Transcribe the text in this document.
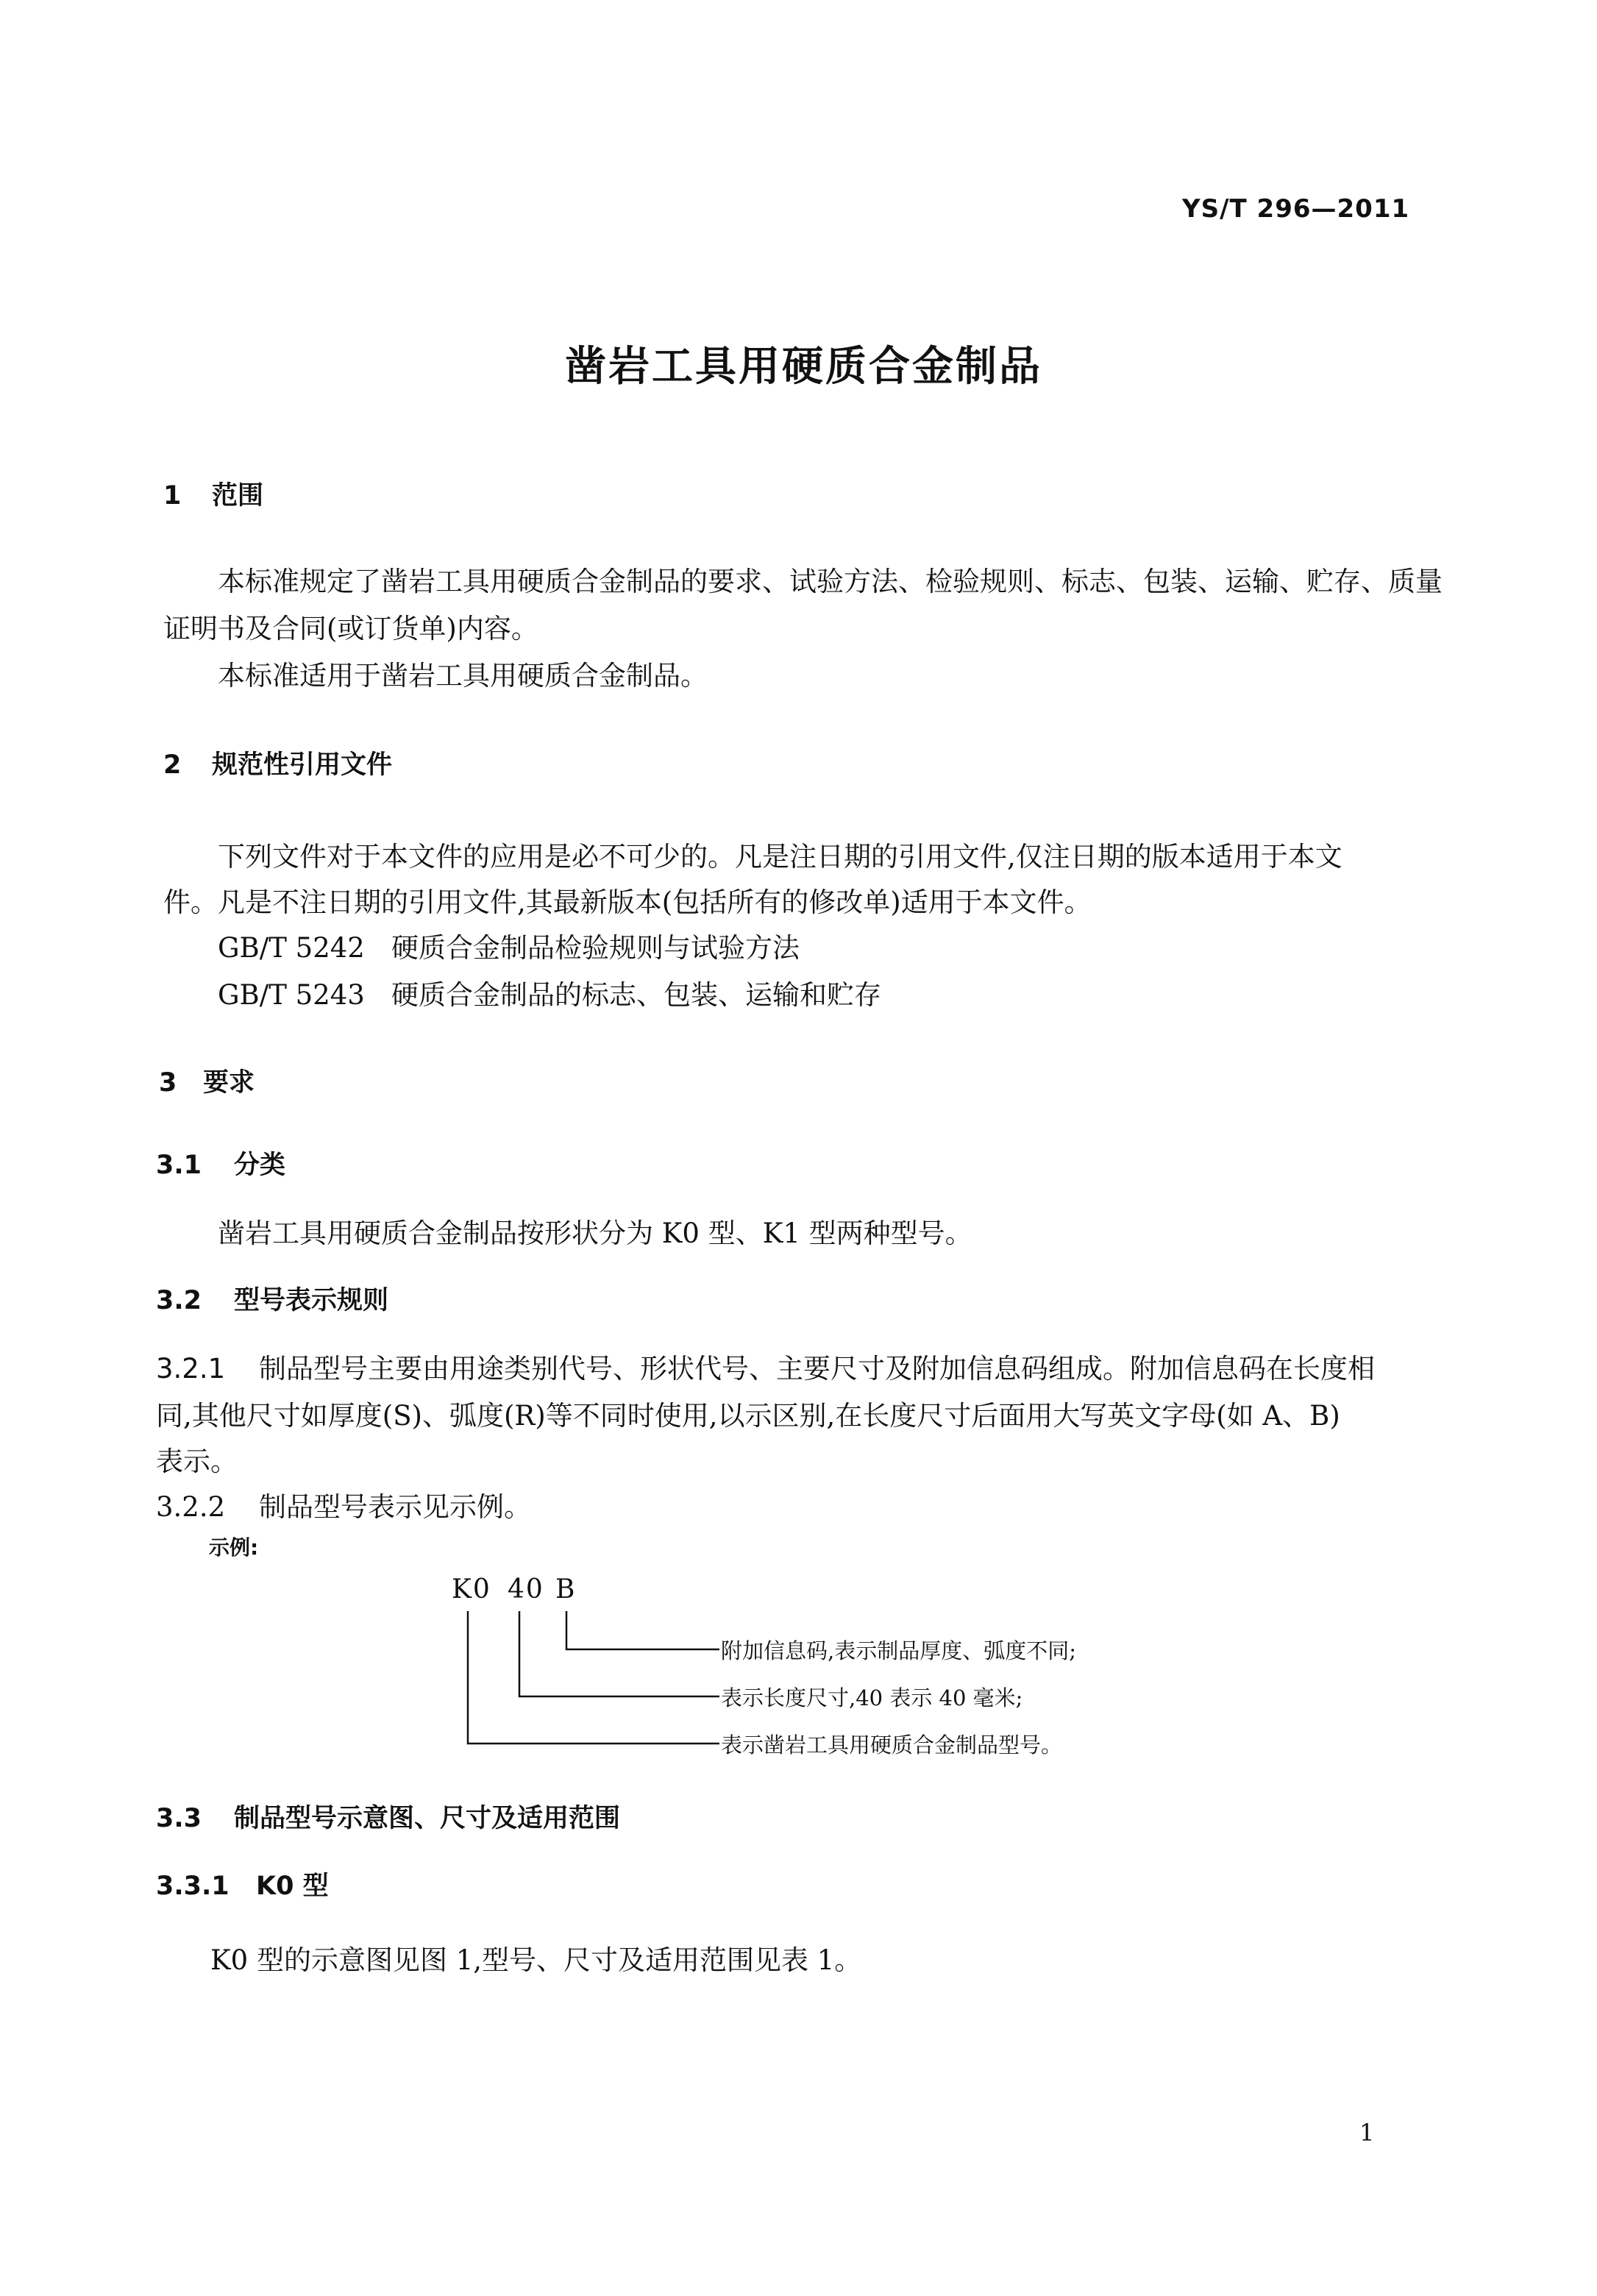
YS/T 296—2011
凿岩工具用硬质合金制品
1 范围
本标准规定了凿岩工具用硬质合金制品的要求、试验方法、检验规则、标志、包装、运输、贮存、质量
证明书及合同(或订货单)内容。
本标准适用于凿岩工具用硬质合金制品。
2 规范性引用文件
下列文件对于本文件的应用是必不可少的。凡是注日期的引用文件,仅注日期的版本适用于本文
件。凡是不注日期的引用文件,其最新版本(包括所有的修改单)适用于本文件。
GB/T 5242 硬质合金制品检验规则与试验方法
GB/T 5243 硬质合金制品的标志、包装、运输和贮存
3 要求
3.1 分类
凿岩工具用硬质合金制品按形状分为 K0 型、K1 型两种型号。
3.2 型号表示规则
3.2.1 制品型号主要由用途类别代号、形状代号、主要尺寸及附加信息码组成。附加信息码在长度相
同,其他尺寸如厚度(S)、弧度(R)等不同时使用,以示区别,在长度尺寸后面用大写英文字母(如 A、B)
表示。
3.2.2 制品型号表示见示例。
示例:
K0 40 B
附加信息码,表示制品厚度、弧度不同;
表示长度尺寸,40 表示 40 毫米;
表示凿岩工具用硬质合金制品型号。
3.3 制品型号示意图、尺寸及适用范围
3.3.1 K0 型
K0 型的示意图见图 1,型号、尺寸及适用范围见表 1。
1
